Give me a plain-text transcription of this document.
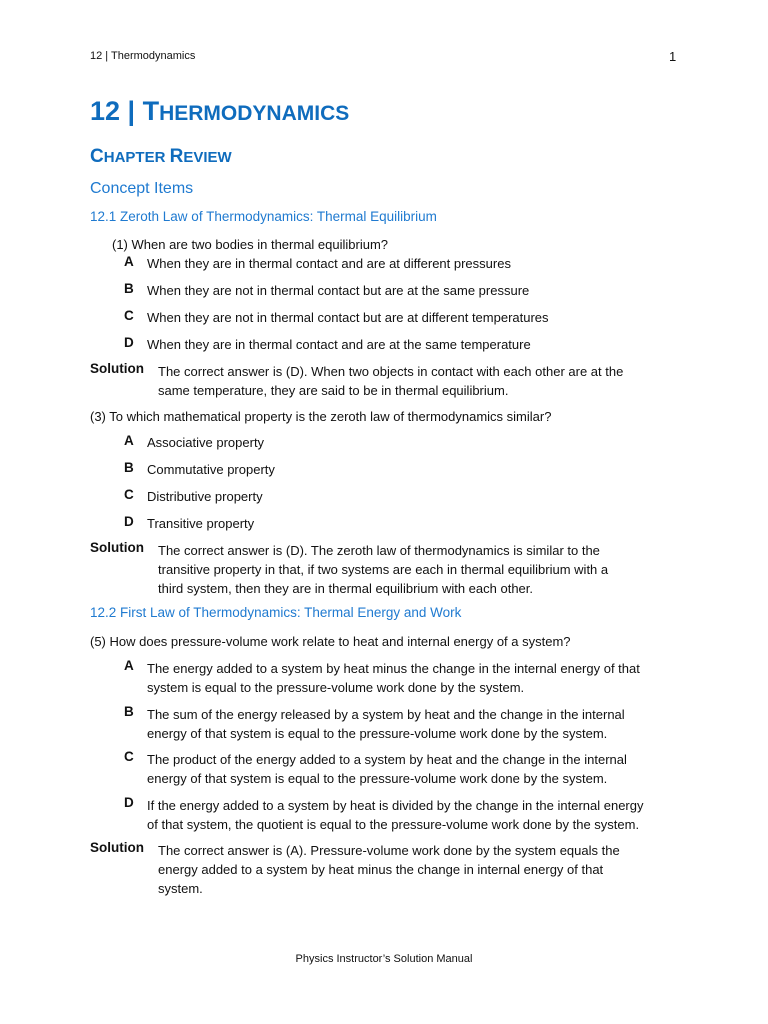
12 | Thermodynamics	1
12 | THERMODYNAMICS
CHAPTER REVIEW
Concept Items
12.1 Zeroth Law of Thermodynamics: Thermal Equilibrium
(1) When are two bodies in thermal equilibrium?
A When they are in thermal contact and are at different pressures
B When they are not in thermal contact but are at the same pressure
C When they are not in thermal contact but are at different temperatures
D When they are in thermal contact and are at the same temperature
Solution The correct answer is (D). When two objects in contact with each other are at the
same temperature, they are said to be in thermal equilibrium.
(3) To which mathematical property is the zeroth law of thermodynamics similar?
A Associative property
B Commutative property
C Distributive property
D Transitive property
Solution The correct answer is (D). The zeroth law of thermodynamics is similar to the
transitive property in that, if two systems are each in thermal equilibrium with a
third system, then they are in thermal equilibrium with each other.
12.2 First Law of Thermodynamics: Thermal Energy and Work
(5) How does pressure-volume work relate to heat and internal energy of a system?
A The energy added to a system by heat minus the change in the internal energy of that
system is equal to the pressure-volume work done by the system.
B The sum of the energy released by a system by heat and the change in the internal
energy of that system is equal to the pressure-volume work done by the system.
C The product of the energy added to a system by heat and the change in the internal
energy of that system is equal to the pressure-volume work done by the system.
D If the energy added to a system by heat is divided by the change in the internal energy
of that system, the quotient is equal to the pressure-volume work done by the system.
Solution The correct answer is (A). Pressure-volume work done by the system equals the
energy added to a system by heat minus the change in internal energy of that
system.
Physics Instructor’s Solution Manual
